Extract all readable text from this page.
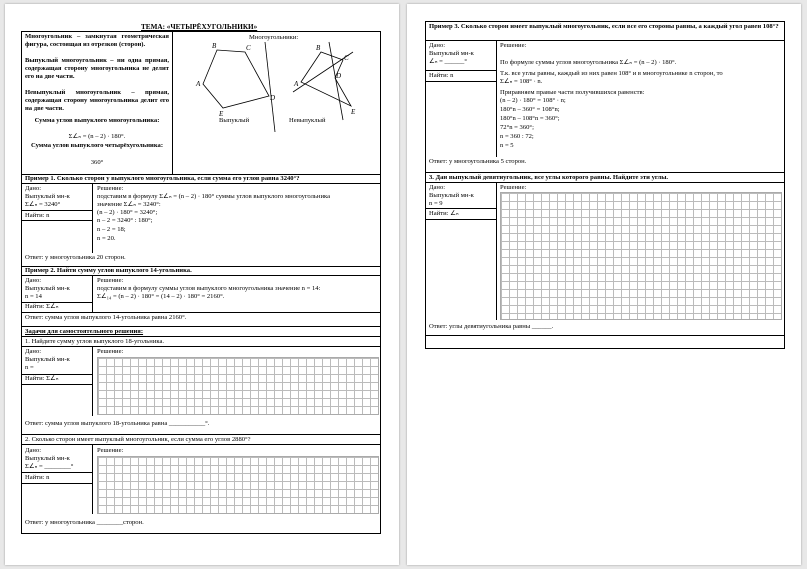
ТЕМА: «ЧЕТЫРЁХУГОЛЬНИКИ»
Многоугольник – замкнутая геометрическая фигура, состоящая из отрезков (сторон).
Выпуклый многоугольник – ни одна прямая, содержащая сторону многоугольника не делит его на две части.
Невыпуклый многоугольник – прямая, содержащая сторону многоугольника делит его на две части.
Сумма углов выпуклого многоугольника:
Σ∠ₙ = (n – 2) · 180°.
Сумма углов выпуклого четырёхугольника:
360°
Многоугольники:
A
B	C
D
E
A
B
C
D
E
Выпуклый	Невыпуклый
Пример 1. Сколько сторон у выпуклого многоугольника, если сумма его углов равна 3240°?
Дано:
Выпуклый мн-к
Σ∠ₙ = 3240°
Найти: n
Решение:
подставим в формулу Σ∠ₙ = (n – 2) · 180° суммы углов выпуклого многоугольника
значение Σ∠ₙ = 3240°:
(n – 2) · 180° = 3240°;
n – 2 = 3240° : 180°;
n – 2 = 18;
n = 20.
Ответ: у многоугольника 20 сторон.
Пример 2. Найти сумму углов выпуклого 14-угольника.
Дано:
Выпуклый мн-к
n = 14
Найти: Σ∠ₙ
Решение:
подставим в формулу суммы углов выпуклого многоугольника значение n = 14:
Σ∠₁₄ = (n – 2) · 180° = (14 – 2) · 180° = 2160°.
Ответ: сумма углов выпуклого 14-угольника равна 2160°.
Задачи для самостоятельного решения:
1. Найдите сумму углов выпуклого 18-угольника.
Дано:
Выпуклый мн-к
n =
Найти: Σ∠ₙ
Решение:
Ответ: сумма углов выпуклого 18-угольника равна ___________°.
2. Сколько сторон имеет выпуклый многоугольник, если сумма его углов 2880°?
Дано:
Выпуклый мн-к
Σ∠ₙ = ________°
Найти: n
Решение:
Ответ: у многоугольника ________сторон.
Пример 3. Сколько сторон имеет выпуклый многоугольник, если все его стороны равны, а каждый угол равен 108°?
Дано:
Выпуклый мн-к
∠ₙ = ______°
Найти: n
Решение:
По формуле суммы углов многоугольника Σ∠ₙ = (n – 2) · 180°.
Т.к. все углы равны, каждый из них равен 108° и в многоугольнике n сторон, то
Σ∠ₙ = 108° · n.
Приравняем правые части получившихся равенств:
(n – 2) · 180° = 108° · n;
180°n – 360° = 108°n;
180°n – 108°n = 360°;
72°n = 360°;
n = 360 : 72;
n = 5
Ответ: у многоугольника 5 сторон.
3. Дан выпуклый девятиугольник, все углы которого равны. Найдите эти углы.
Дано:
Выпуклый мн-к
n = 9
Найти: ∠ₙ
Решение:
Ответ: углы девятиугольника равны ______.
